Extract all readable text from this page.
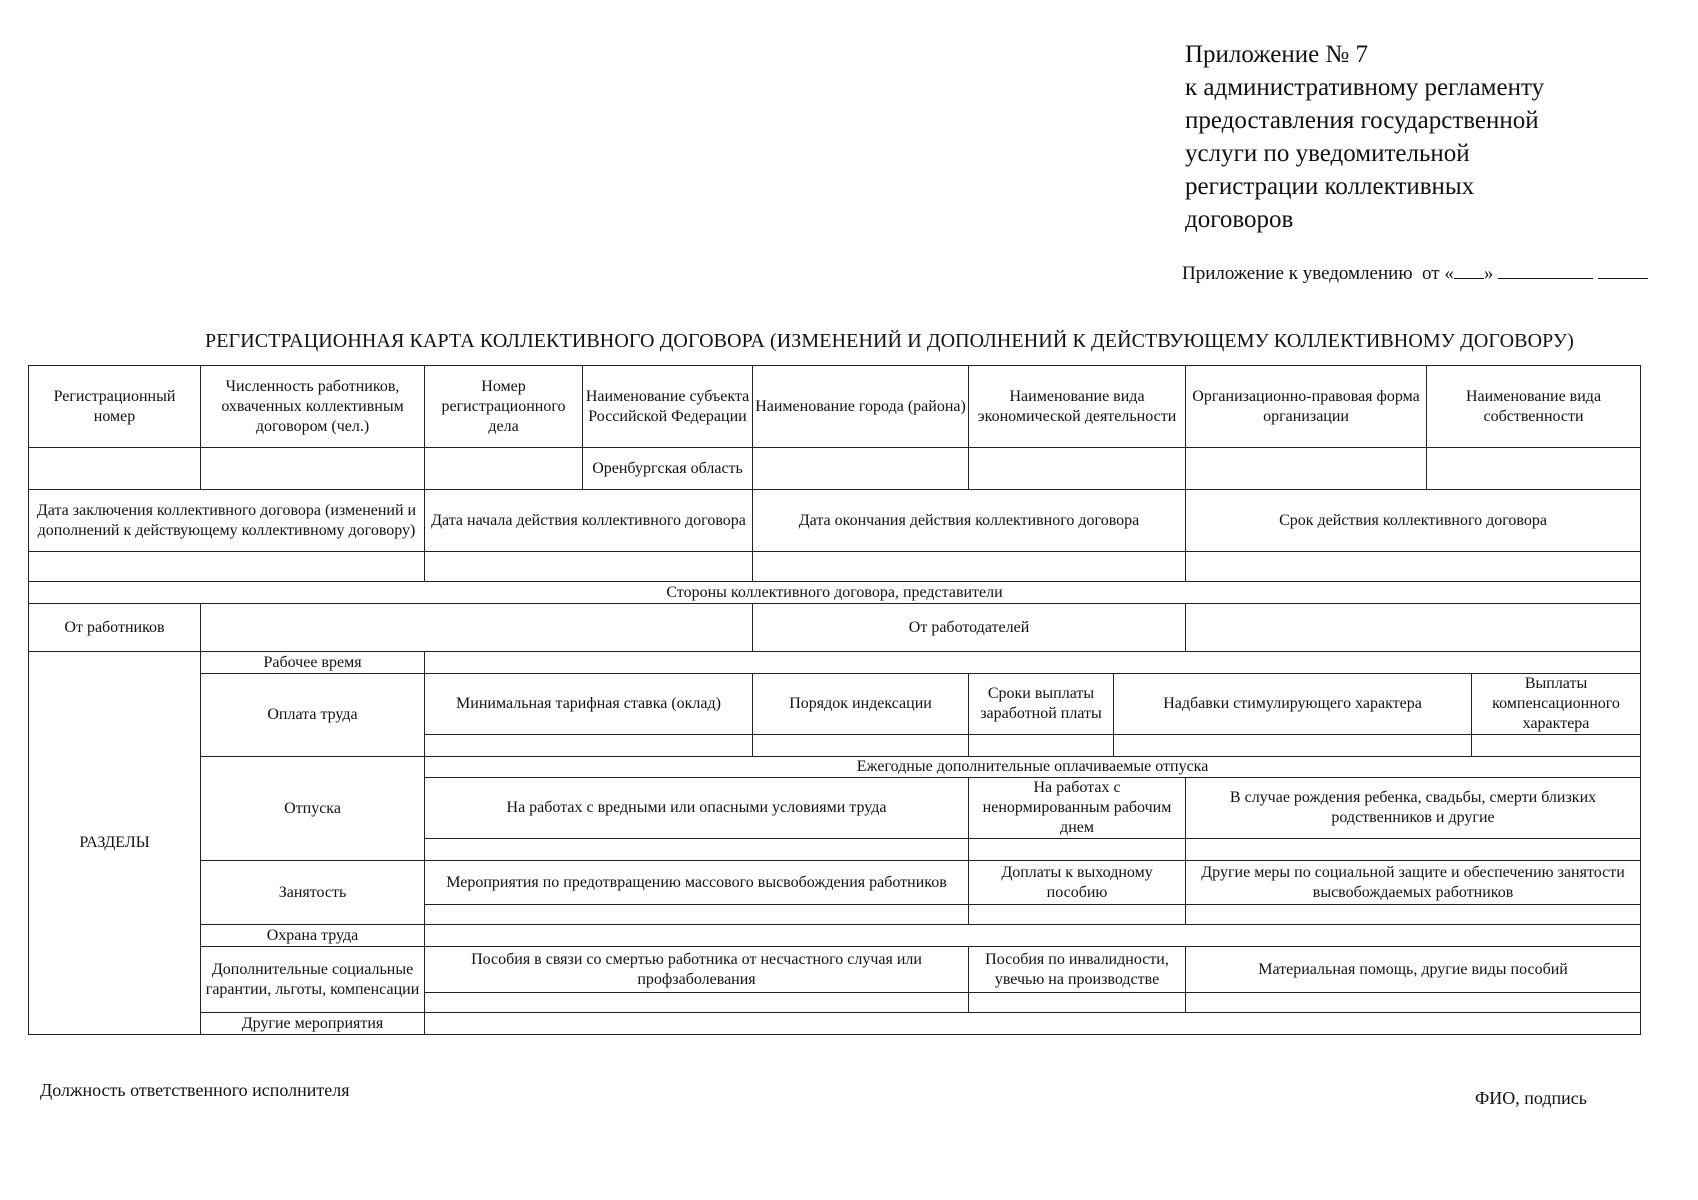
Приложение № 7
к административному регламенту
предоставления государственной
услуги по уведомительной
регистрации коллективных
договоров
Приложение к уведомлению от « »
РЕГИСТРАЦИОННАЯ КАРТА КОЛЛЕКТИВНОГО ДОГОВОРА (ИЗМЕНЕНИЙ И ДОПОЛНЕНИЙ К ДЕЙСТВУЮЩЕМУ КОЛЛЕКТИВНОМУ ДОГОВОРУ)
Регистрационный номер	Численность работников, охваченных коллективным договором (чел.)	Номер регистрационного дела	Наименование субъекта Российской Федерации	Наименование города (района)	Наименование вида экономической деятельности		Организационно-правовая форма организации	Наименование вида собственности	
			Оренбургская область						
Дата заключения коллективного договора (изменений и дополнений к действующему коллективному договору)		Дата начала действия коллективного договора		Дата окончания действия коллективного договора			Срок действия коллективного договора		

Стороны коллективного договора, представители									
От работников				От работодателей					
РАЗДЕЛЫ	Рабочее время								
	Оплата труда	Минимальная тарифная ставка (оклад)		Порядок индексации	Сроки выплаты заработной платы	Надбавки стимулирующего характера			Выплаты компенсационного характера

	Отпуска	Ежегодные дополнительные оплачиваемые отпуска							
		На работах с вредными или опасными условиями труда			На работах с ненормированным рабочим днем		В случае рождения ребенка, свадьбы, смерти близких родственников и другие		

	Занятость	Мероприятия по предотвращению массового высвобождения работников			Доплаты к выходному пособию		Другие меры по социальной защите и обеспечению занятости высвобождаемых работников		

	Охрана труда								
	Дополнительные социальные гарантии, льготы, компенсации	Пособия в связи со смертью работника от несчастного случая или профзаболевания			Пособия по инвалидности, увечью на производстве		Материальная помощь, другие виды пособий		

	Другие мероприятия								
Должность ответственного исполнителя	ФИО, подпись
